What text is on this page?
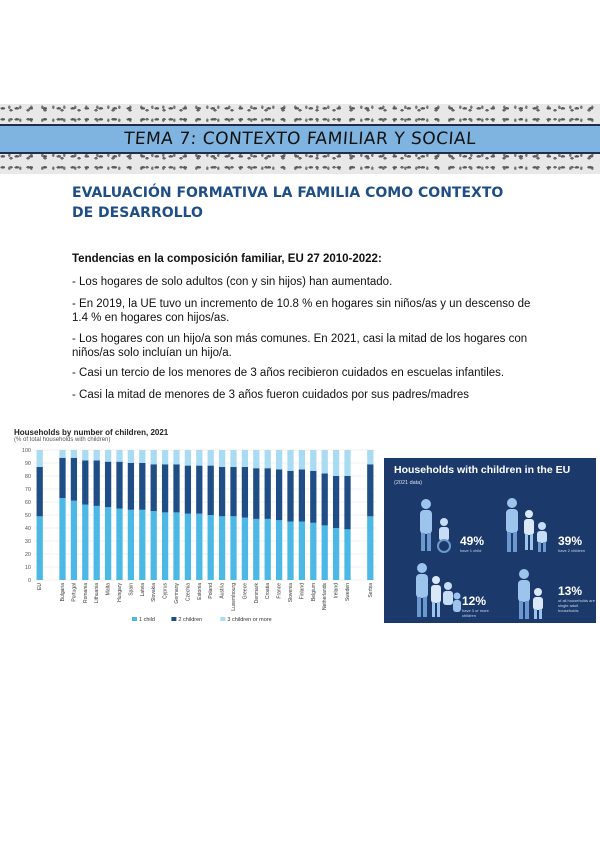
TEMA 7: CONTEXTO FAMILIAR Y SOCIAL
EVALUACIÓN FORMATIVA LA FAMILIA COMO CONTEXTO DE DESARROLLO
Tendencias en la composición familiar, EU 27 2010-2022:
- Los hogares de solo adultos (con y sin hijos) han aumentado.
- En 2019, la UE tuvo un incremento de 10.8 % en hogares sin niños/as y un descenso de 1.4 % en hogares con hijos/as.
- Los hogares con un hijo/a son más comunes. En 2021, casi la mitad de los hogares con niños/as solo incluían un hijo/a.
- Casi un tercio de los menores de 3 años recibieron cuidados en escuelas infantiles.
- Casi la mitad de menores de 3 años fueron cuidados por sus padres/madres
Households by number of children, 2021
(% of total households with children)
0
10
20
30
40
50
60
70
80
90
100
EU	Bulgaria Portugal Romania Lithuania Malta Hungary Spain Latvia Slovakia Cyprus Germany Czechia Estonia Poland Austria Luxembourg Greece Denmark Croatia France Slovenia Finland Belgium Netherlands Ireland Sweden	Serbia
1 child	2 children	3 children or more
Households with children in the EU
(2021 data)
49%
have 1 child
39%
have 2 children
12%
have 3 or more children
13%
of all households are single adult households
